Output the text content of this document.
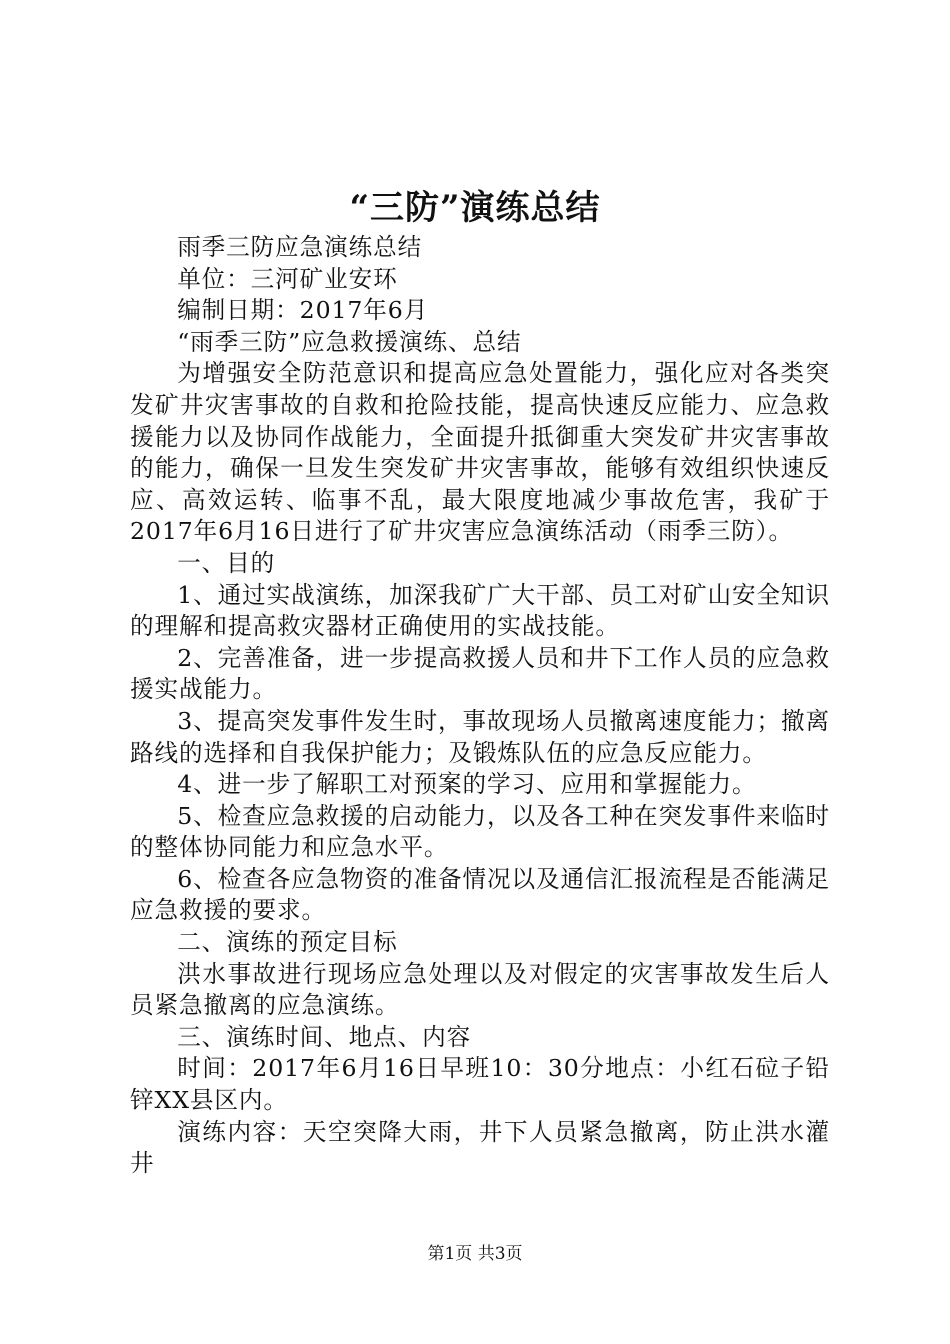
“三防”演练总结

雨季三防应急演练总结

单位：三河矿业安环

编制日期：2017年6月

“雨季三防”应急救援演练、总结

为增强安全防范意识和提高应急处置能力，强化应对各类突发矿井灾害事故的自救和抢险技能，提高快速反应能力、应急救援能力以及协同作战能力，全面提升抵御重大突发矿井灾害事故的能力，确保一旦发生突发矿井灾害事故，能够有效组织快速反应、高效运转、临事不乱，最大限度地减少事故危害，我矿于2017年6月16日进行了矿井灾害应急演练活动（雨季三防）。

一、目的

1、通过实战演练，加深我矿广大干部、员工对矿山安全知识的理解和提高救灾器材正确使用的实战技能。

2、完善准备，进一步提高救援人员和井下工作人员的应急救援实战能力。

3、提高突发事件发生时，事故现场人员撤离速度能力；撤离路线的选择和自我保护能力；及锻炼队伍的应急反应能力。

4、进一步了解职工对预案的学习、应用和掌握能力。

5、检查应急救援的启动能力，以及各工种在突发事件来临时的整体协同能力和应急水平。

6、检查各应急物资的准备情况以及通信汇报流程是否能满足应急救援的要求。

二、演练的预定目标

洪水事故进行现场应急处理以及对假定的灾害事故发生后人员紧急撤离的应急演练。

三、演练时间、地点、内容

时间：2017年6月16日早班10：30分地点：小红石砬子铅锌XX县区内。

演练内容：天空突降大雨，井下人员紧急撤离，防止洪水灌井

第1页 共3页
